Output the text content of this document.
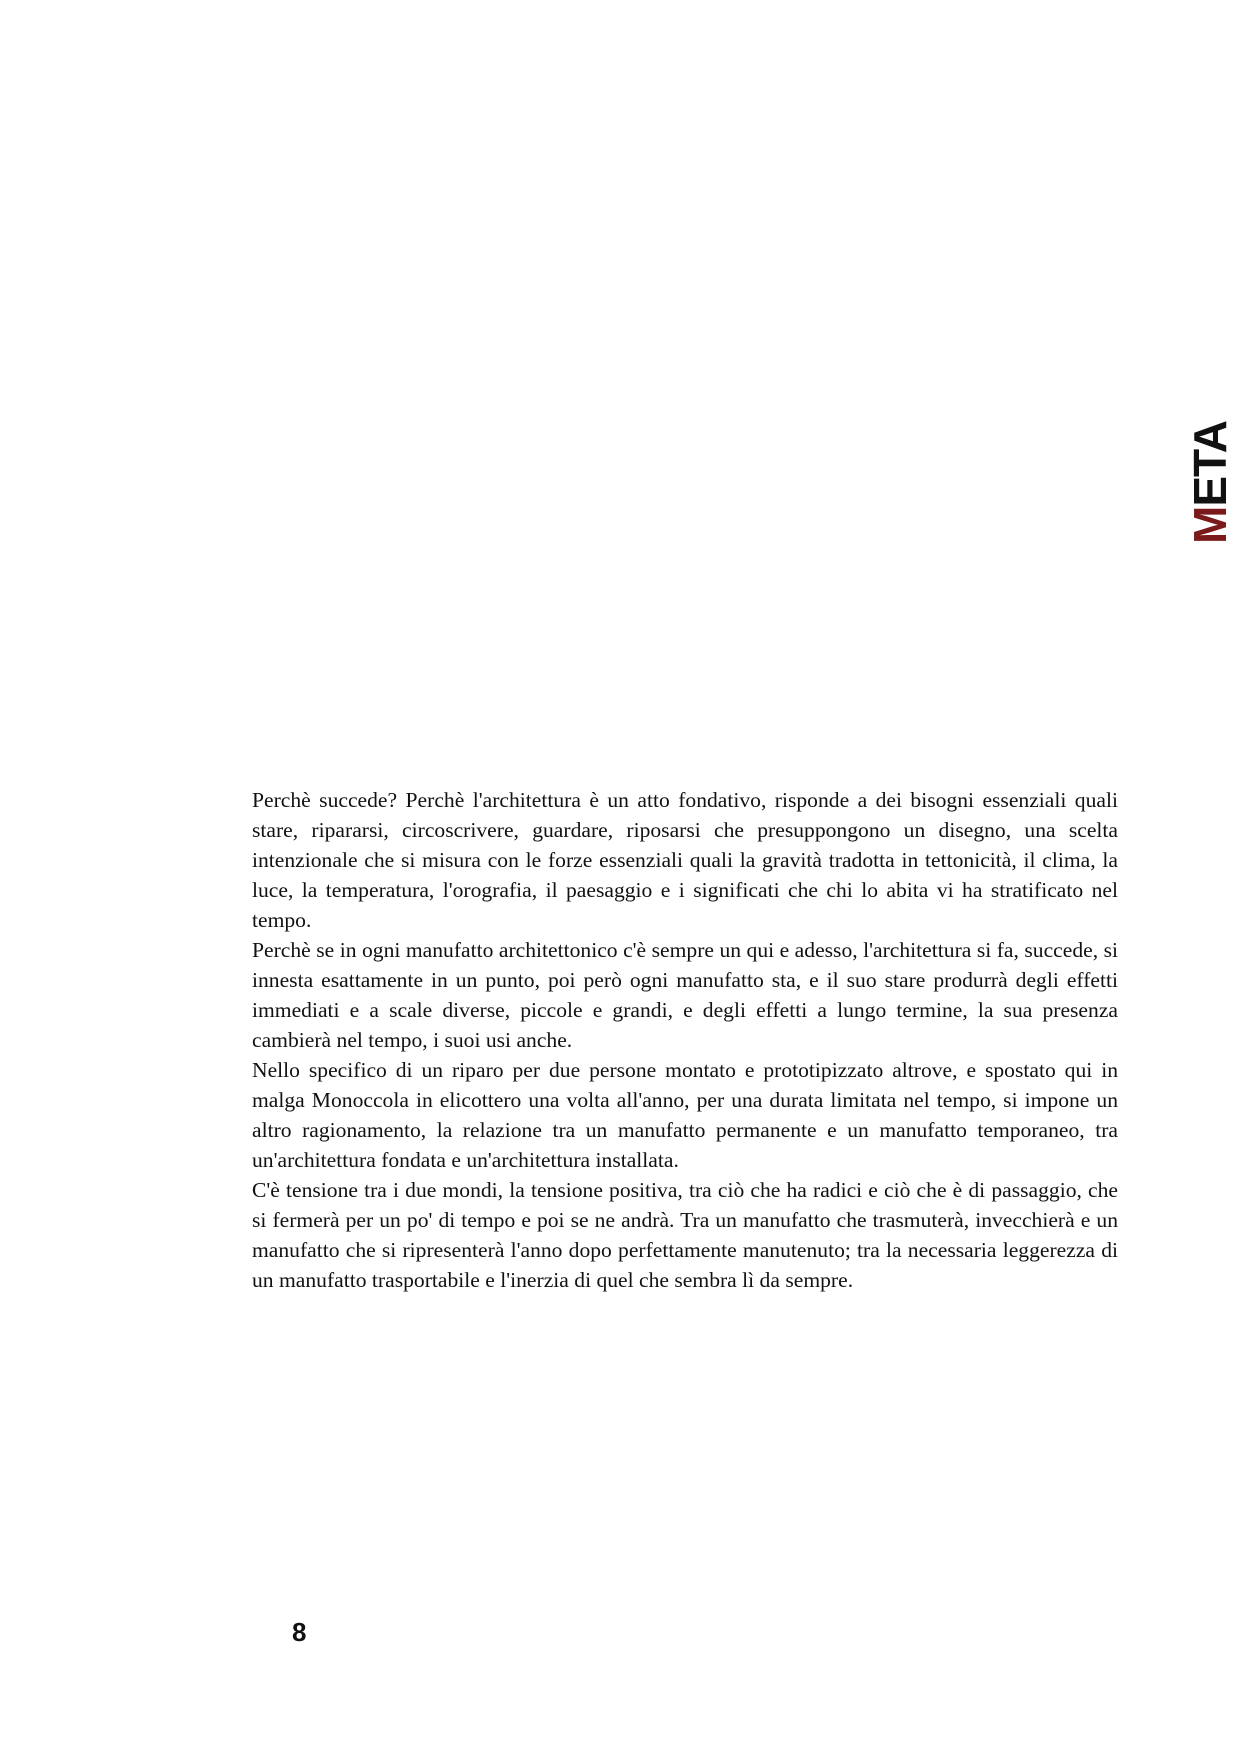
META

Perchè succede? Perchè l'architettura è un atto fondativo, risponde a dei bisogni essenziali quali stare, ripararsi, circoscrivere, guardare, riposarsi che presuppongono un disegno, una scelta intenzionale che si misura con le forze essenziali quali la gravità tradotta in tettonicità, il clima, la luce, la temperatura, l'orografia, il paesaggio e i significati che chi lo abita vi ha stratificato nel tempo.

Perchè se in ogni manufatto architettonico c'è sempre un qui e adesso, l'architettura si fa, succede, si innesta esattamente in un punto, poi però ogni manufatto sta, e il suo stare produrrà degli effetti immediati e a scale diverse, piccole e grandi, e degli effetti a lungo termine, la sua presenza cambierà nel tempo, i suoi usi anche.

Nello specifico di un riparo per due persone montato e prototipizzato altrove, e spostato qui in malga Monoccola in elicottero una volta all'anno, per una durata limitata nel tempo, si impone un altro ragionamento, la relazione tra un manufatto permanente e un manufatto temporaneo, tra un'architettura fondata e un'architettura installata.

C'è tensione tra i due mondi, la tensione positiva, tra ciò che ha radici e ciò che è di passaggio, che si fermerà per un po' di tempo e poi se ne andrà. Tra un manufatto che trasmuterà, invecchierà e un manufatto che si ripresenterà l'anno dopo perfettamente manutenuto; tra la necessaria leggerezza di un manufatto trasportabile e l'inerzia di quel che sembra lì da sempre.

8
